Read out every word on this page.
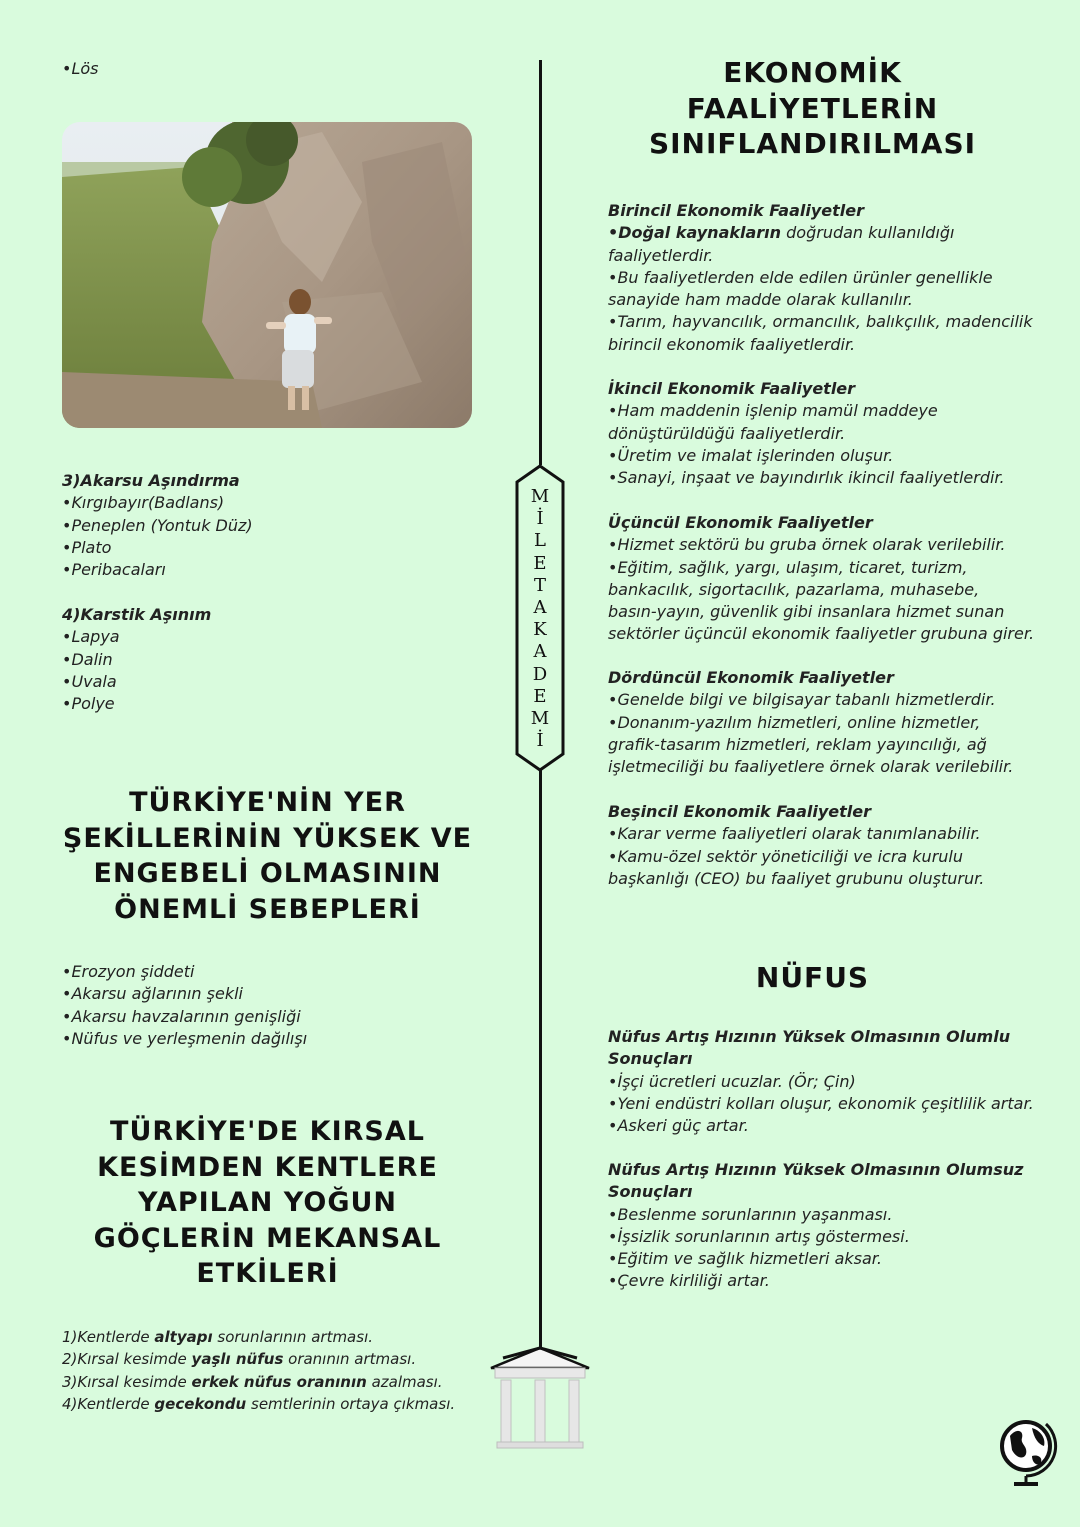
•Lös
3)Akarsu Aşındırma
•Kırgıbayır(Badlans)
•Peneplen (Yontuk Düz)
•Plato
•Peribacaları
4)Karstik Aşınım
•Lapya
•Dalin
•Uvala
•Polye
TÜRKİYE'NİN YER
ŞEKİLLERİNİN YÜKSEK VE
ENGEBELİ OLMASININ
ÖNEMLİ SEBEPLERİ
•Erozyon şiddeti
•Akarsu ağlarının şekli
•Akarsu havzalarının genişliği
•Nüfus ve yerleşmenin dağılışı
TÜRKİYE'DE KIRSAL
KESİMDEN KENTLERE
YAPILAN YOĞUN
GÖÇLERİN MEKANSAL
ETKİLERİ
1)Kentlerde altyapı sorunlarının artması.
2)Kırsal kesimde yaşlı nüfus oranının artması.
3)Kırsal kesimde erkek nüfus oranının azalması.
4)Kentlerde gecekondu semtlerinin ortaya çıkması.
M
İ
L
E
T
A
K
A
D
E
M
İ
EKONOMİK
FAALİYETLERİN
SINIFLANDIRILMASI
Birincil Ekonomik Faaliyetler
•Doğal kaynakların doğrudan kullanıldığı
faaliyetlerdir.
•Bu faaliyetlerden elde edilen ürünler genellikle
sanayide ham madde olarak kullanılır.
•Tarım, hayvancılık, ormancılık, balıkçılık, madencilik
birincil ekonomik faaliyetlerdir.
İkincil Ekonomik Faaliyetler
•Ham maddenin işlenip mamül maddeye
dönüştürüldüğü faaliyetlerdir.
•Üretim ve imalat işlerinden oluşur.
•Sanayi, inşaat ve bayındırlık ikincil faaliyetlerdir.
Üçüncül Ekonomik Faaliyetler
•Hizmet sektörü bu gruba örnek olarak verilebilir.
•Eğitim, sağlık, yargı, ulaşım, ticaret, turizm,
bankacılık, sigortacılık, pazarlama, muhasebe,
basın-yayın, güvenlik gibi insanlara hizmet sunan
sektörler üçüncül ekonomik faaliyetler grubuna girer.
Dördüncül Ekonomik Faaliyetler
•Genelde bilgi ve bilgisayar tabanlı hizmetlerdir.
•Donanım-yazılım hizmetleri, online hizmetler,
grafik-tasarım hizmetleri, reklam yayıncılığı, ağ
işletmeciliği bu faaliyetlere örnek olarak verilebilir.
Beşincil Ekonomik Faaliyetler
•Karar verme faaliyetleri olarak tanımlanabilir.
•Kamu-özel sektör yöneticiliği ve icra kurulu
başkanlığı (CEO) bu faaliyet grubunu oluşturur.
NÜFUS
Nüfus Artış Hızının Yüksek Olmasının Olumlu
Sonuçları
•İşçi ücretleri ucuzlar. (Ör; Çin)
•Yeni endüstri kolları oluşur, ekonomik çeşitlilik artar.
•Askeri güç artar.
Nüfus Artış Hızının Yüksek Olmasının Olumsuz
Sonuçları
•Beslenme sorunlarının yaşanması.
•İşsizlik sorunlarının artış göstermesi.
•Eğitim ve sağlık hizmetleri aksar.
•Çevre kirliliği artar.
